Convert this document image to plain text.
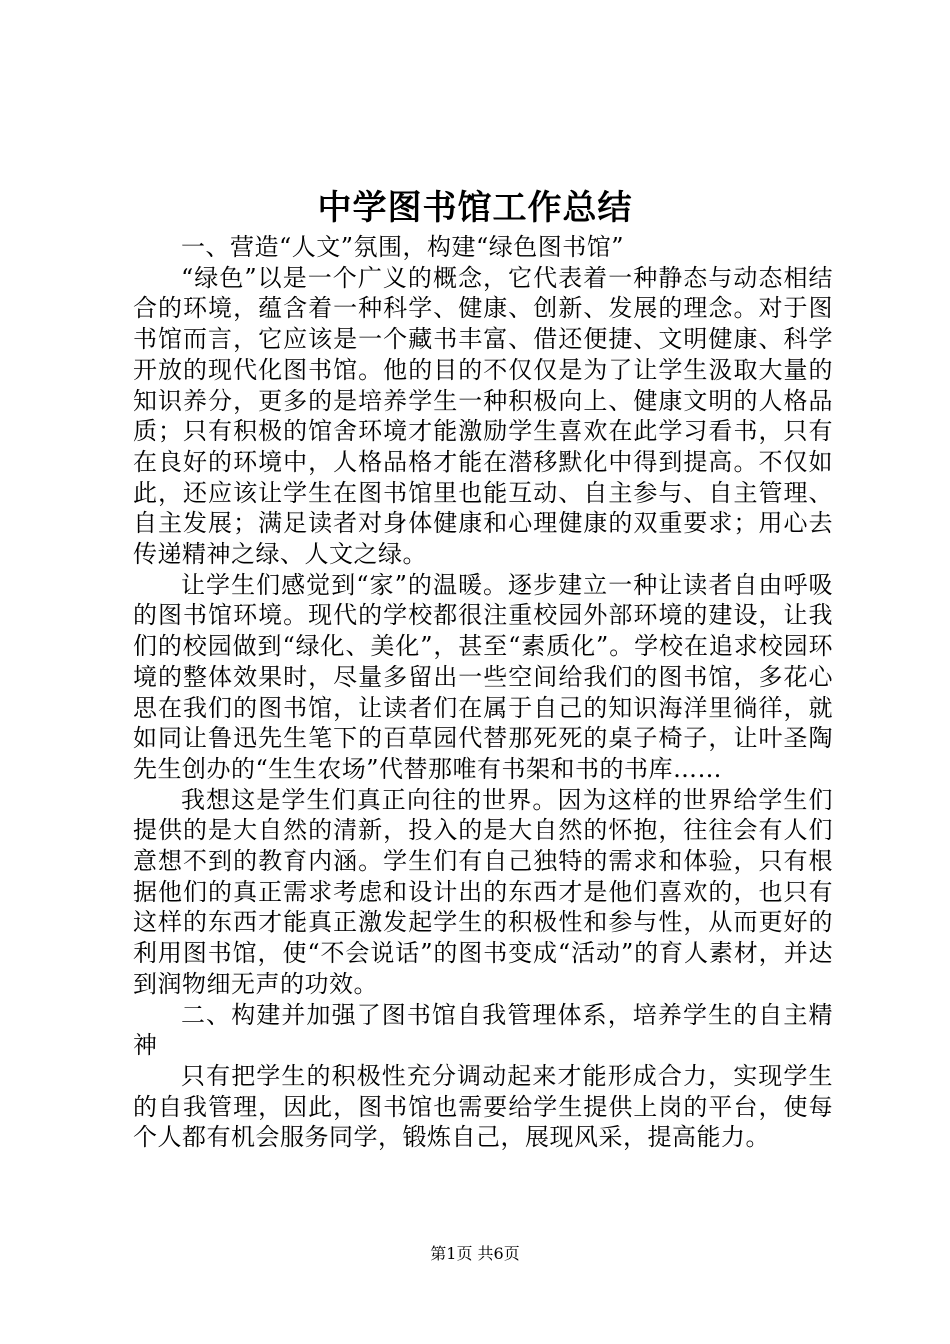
中学图书馆工作总结

一、营造“人文”氛围，构建“绿色图书馆”

“绿色”以是一个广义的概念，它代表着一种静态与动态相结合的环境，蕴含着一种科学、健康、创新、发展的理念。对于图书馆而言，它应该是一个藏书丰富、借还便捷、文明健康、科学开放的现代化图书馆。他的目的不仅仅是为了让学生汲取大量的知识养分，更多的是培养学生一种积极向上、健康文明的人格品质；只有积极的馆舍环境才能激励学生喜欢在此学习看书，只有在良好的环境中，人格品格才能在潜移默化中得到提高。不仅如此，还应该让学生在图书馆里也能互动、自主参与、自主管理、自主发展；满足读者对身体健康和心理健康的双重要求；用心去传递精神之绿、人文之绿。

让学生们感觉到“家”的温暖。逐步建立一种让读者自由呼吸的图书馆环境。现代的学校都很注重校园外部环境的建设，让我们的校园做到“绿化、美化”，甚至“素质化”。学校在追求校园环境的整体效果时，尽量多留出一些空间给我们的图书馆，多花心思在我们的图书馆，让读者们在属于自己的知识海洋里徜徉，就如同让鲁迅先生笔下的百草园代替那死死的桌子椅子，让叶圣陶先生创办的“生生农场”代替那唯有书架和书的书库……

我想这是学生们真正向往的世界。因为这样的世界给学生们提供的是大自然的清新，投入的是大自然的怀抱，往往会有人们意想不到的教育内涵。学生们有自己独特的需求和体验，只有根据他们的真正需求考虑和设计出的东西才是他们喜欢的，也只有这样的东西才能真正激发起学生的积极性和参与性，从而更好的利用图书馆，使“不会说话”的图书变成“活动”的育人素材，并达到润物细无声的功效。

二、构建并加强了图书馆自我管理体系，培养学生的自主精神

只有把学生的积极性充分调动起来才能形成合力，实现学生的自我管理，因此，图书馆也需要给学生提供上岗的平台，使每个人都有机会服务同学，锻炼自己，展现风采，提高能力。

第1页 共6页
